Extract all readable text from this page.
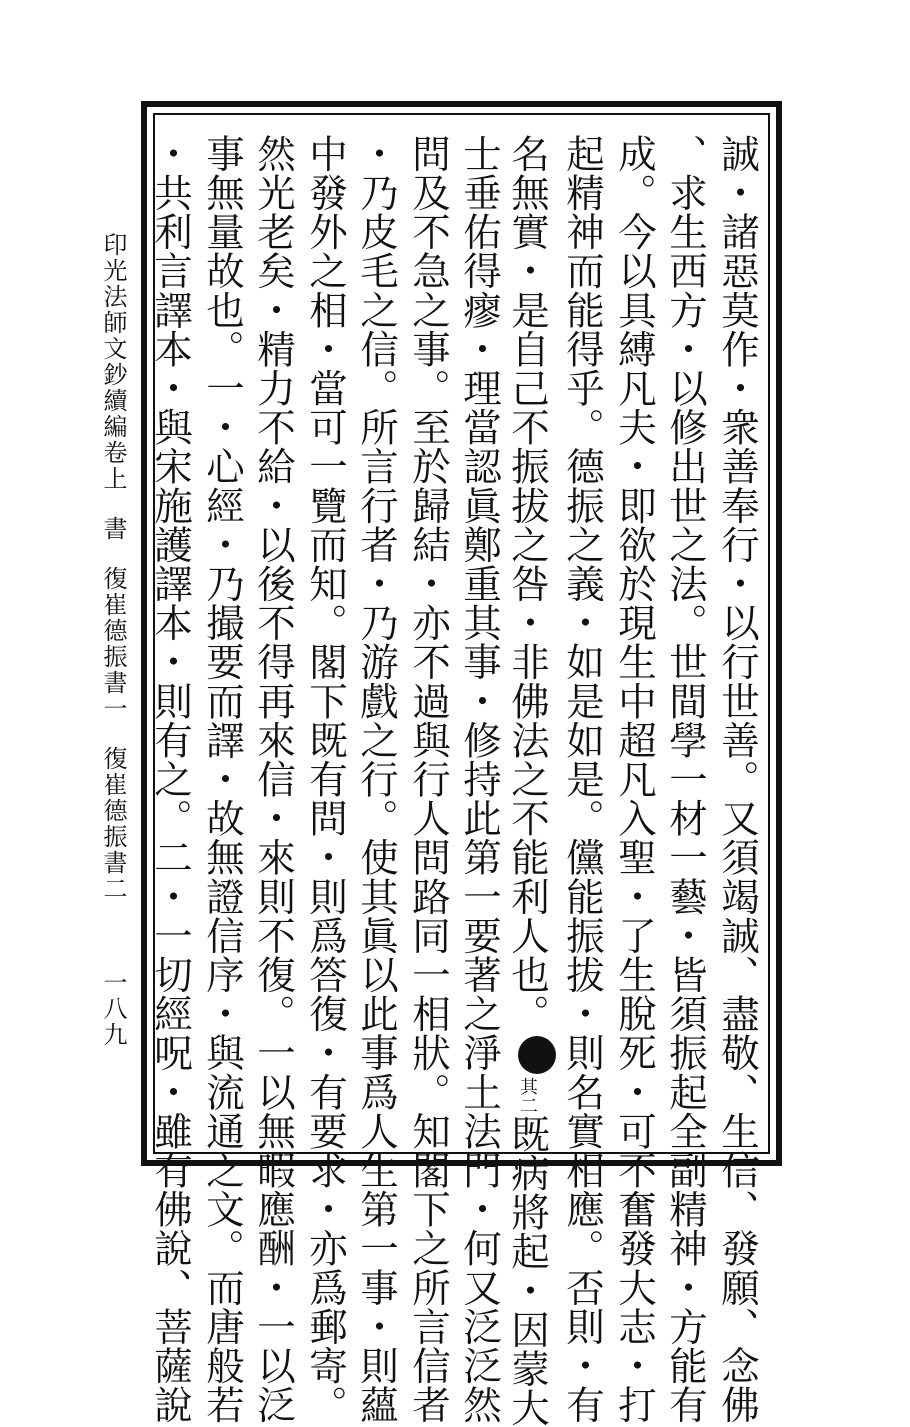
誠・諸惡莫作・衆善奉行・以行世善。又須竭誠、盡敬、生信、發願、念佛
、求生西方・以修出世之法。世間學一材一藝・皆須振起全副精神・方能有
成。今以具縛凡夫・即欲於現生中超凡入聖・了生脫死・可不奮發大志・打
起精神而能得乎。德振之義・如是如是。儻能振拔・則名實相應。否則・有
名無實・是自己不振拔之咎・非佛法之不能利人也。其二既病將起・因蒙大
士垂佑得瘳・理當認眞鄭重其事・修持此第一要著之淨土法門・何又泛泛然
問及不急之事。至於歸結・亦不過與行人問路同一相狀。知閣下之所言信者
・乃皮毛之信。所言行者・乃游戲之行。使其眞以此事爲人生第一事・則蘊
中發外之相・當可一覽而知。閣下既有問・則爲答復・有要求・亦爲郵寄。
然光老矣・精力不給・以後不得再來信・來則不復。一以無暇應酬・一以泛
事無量故也。一・心經・乃撮要而譯・故無證信序・與流通之文。而唐般若
・共利言譯本・與宋施護譯本・則有之。二・一切經呪・雖有佛說、菩薩說
印光法師文鈔續編卷上書復崔德振書一復崔德振書二
一八九
